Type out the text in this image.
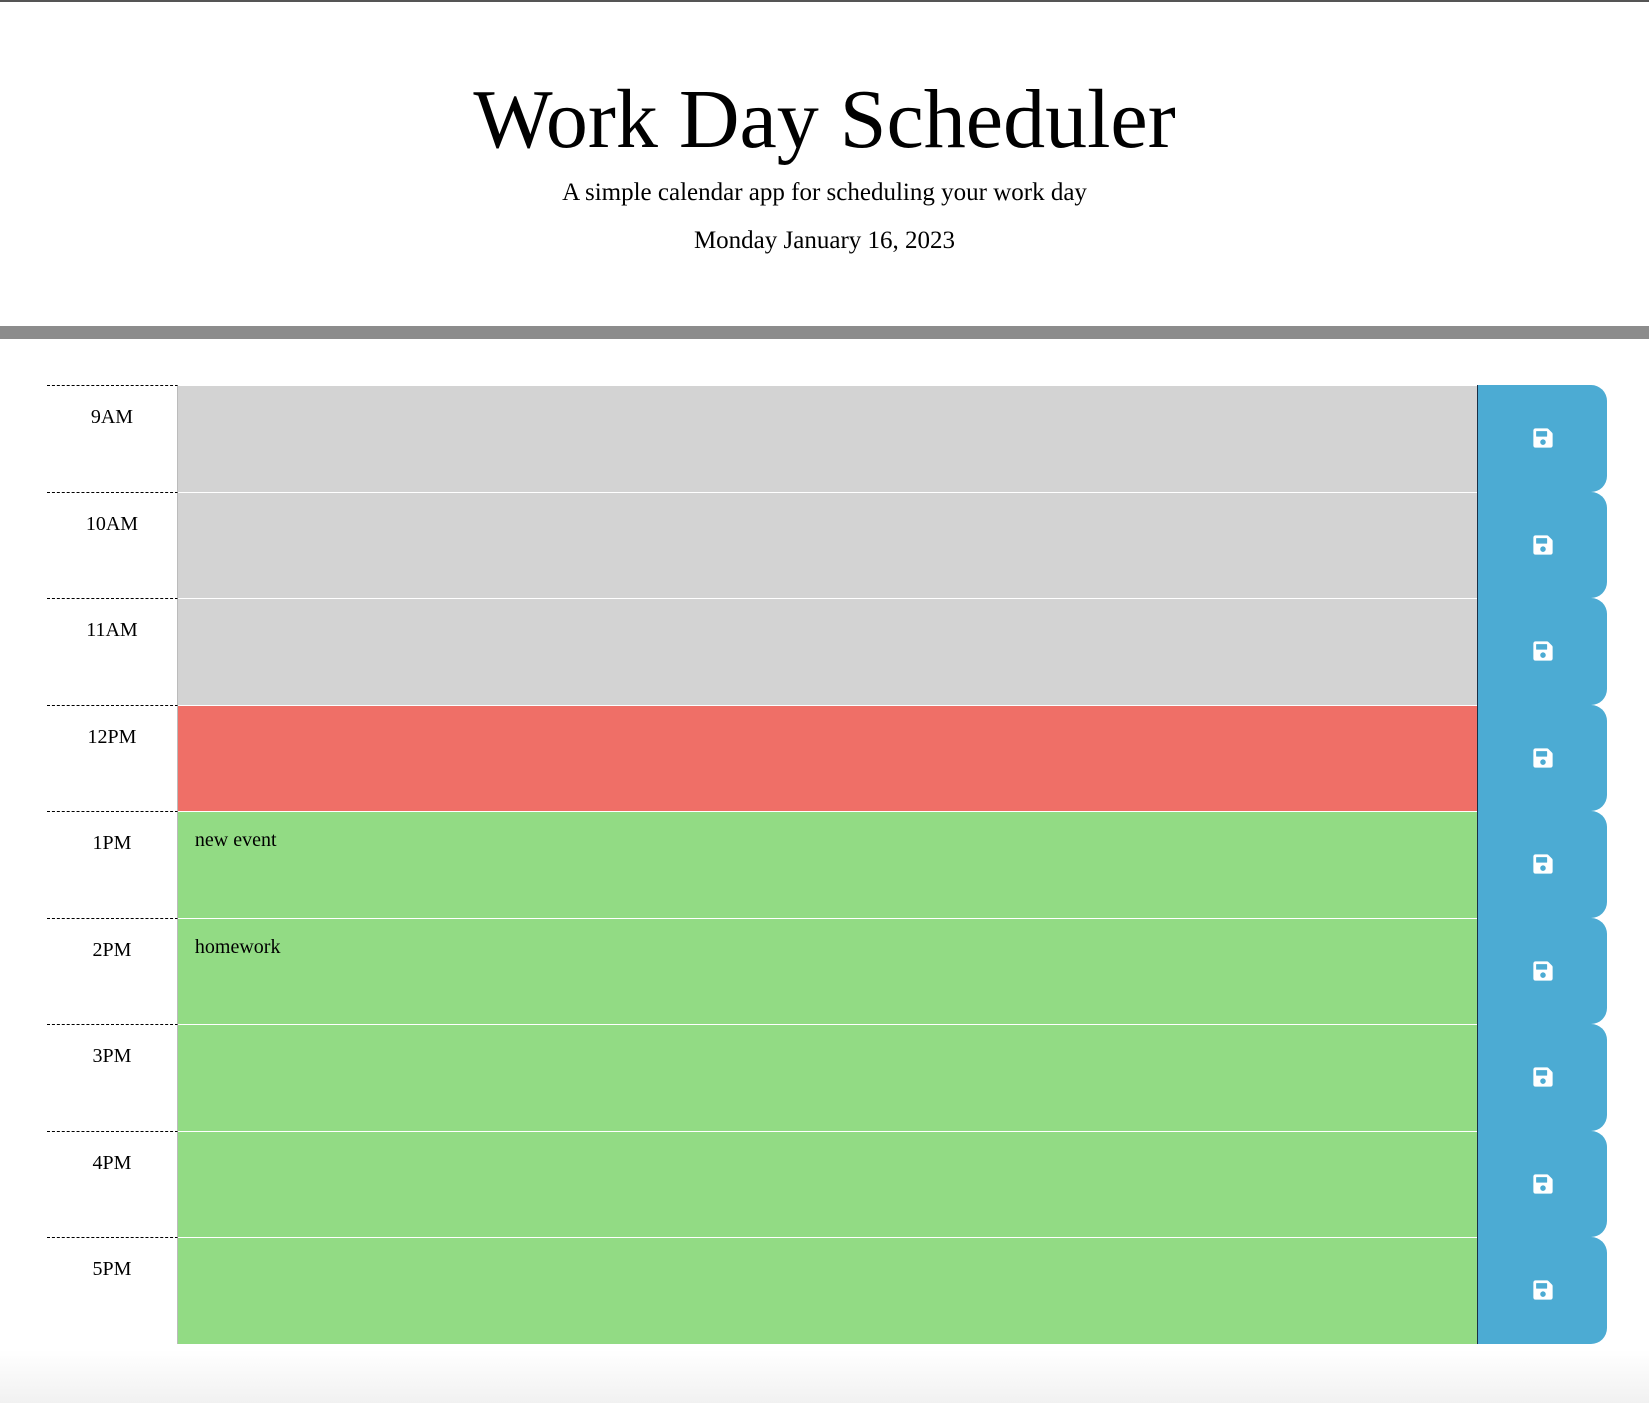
Work Day Scheduler

A simple calendar app for scheduling your work day

Monday January 16, 2023

9AM
10AM
11AM
12PM
1PM	new event
2PM	homework
3PM
4PM
5PM
